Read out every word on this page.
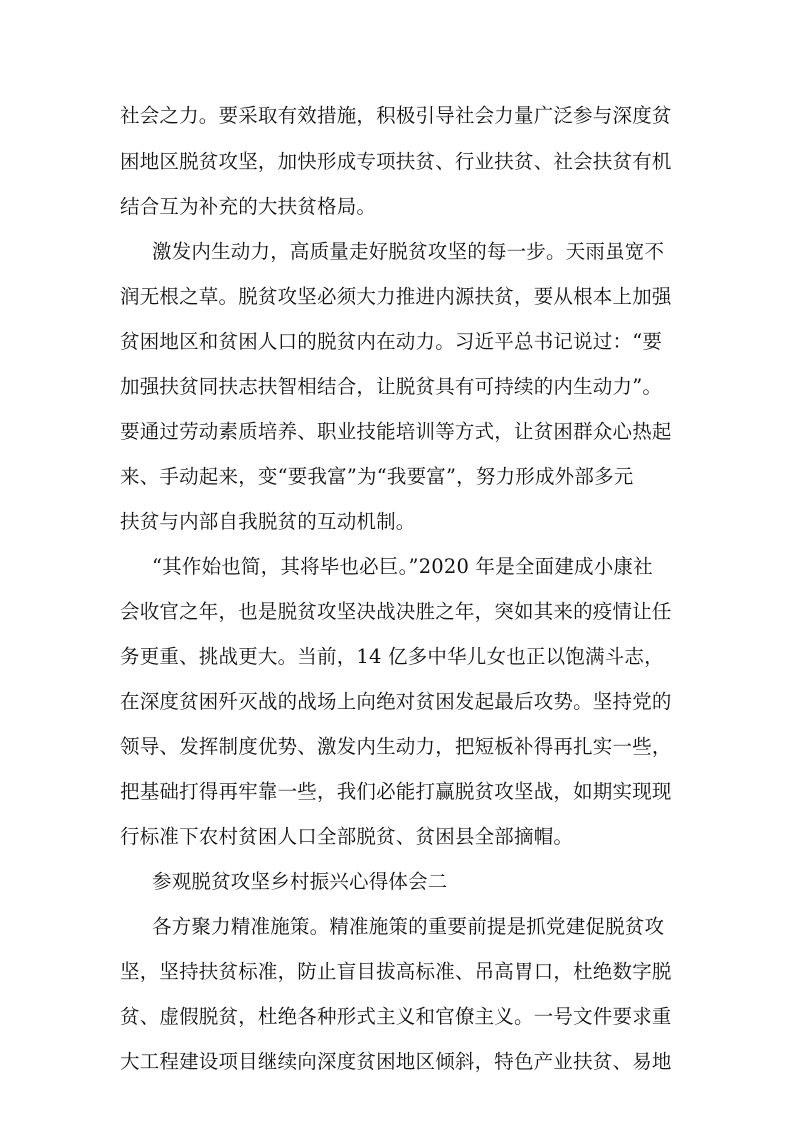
社会之力。要采取有效措施，积极引导社会力量广泛参与深度贫
困地区脱贫攻坚，加快形成专项扶贫、行业扶贫、社会扶贫有机
结合互为补充的大扶贫格局。
激发内生动力，高质量走好脱贫攻坚的每一步。天雨虽宽不
润无根之草。脱贫攻坚必须大力推进内源扶贫，要从根本上加强
贫困地区和贫困人口的脱贫内在动力。习近平总书记说过：“要
加强扶贫同扶志扶智相结合，让脱贫具有可持续的内生动力”。
要通过劳动素质培养、职业技能培训等方式，让贫困群众心热起
来、手动起来，变“要我富”为“我要富”，努力形成外部多元
扶贫与内部自我脱贫的互动机制。
“其作始也简，其将毕也必巨。”2020 年是全面建成小康社
会收官之年，也是脱贫攻坚决战决胜之年，突如其来的疫情让任
务更重、挑战更大。当前，14 亿多中华儿女也正以饱满斗志，
在深度贫困歼灭战的战场上向绝对贫困发起最后攻势。坚持党的
领导、发挥制度优势、激发内生动力，把短板补得再扎实一些，
把基础打得再牢靠一些，我们必能打赢脱贫攻坚战，如期实现现
行标准下农村贫困人口全部脱贫、贫困县全部摘帽。
参观脱贫攻坚乡村振兴心得体会二
各方聚力精准施策。精准施策的重要前提是抓党建促脱贫攻
坚，坚持扶贫标准，防止盲目拔高标准、吊高胃口，杜绝数字脱
贫、虚假脱贫，杜绝各种形式主义和官僚主义。一号文件要求重
大工程建设项目继续向深度贫困地区倾斜，特色产业扶贫、易地
